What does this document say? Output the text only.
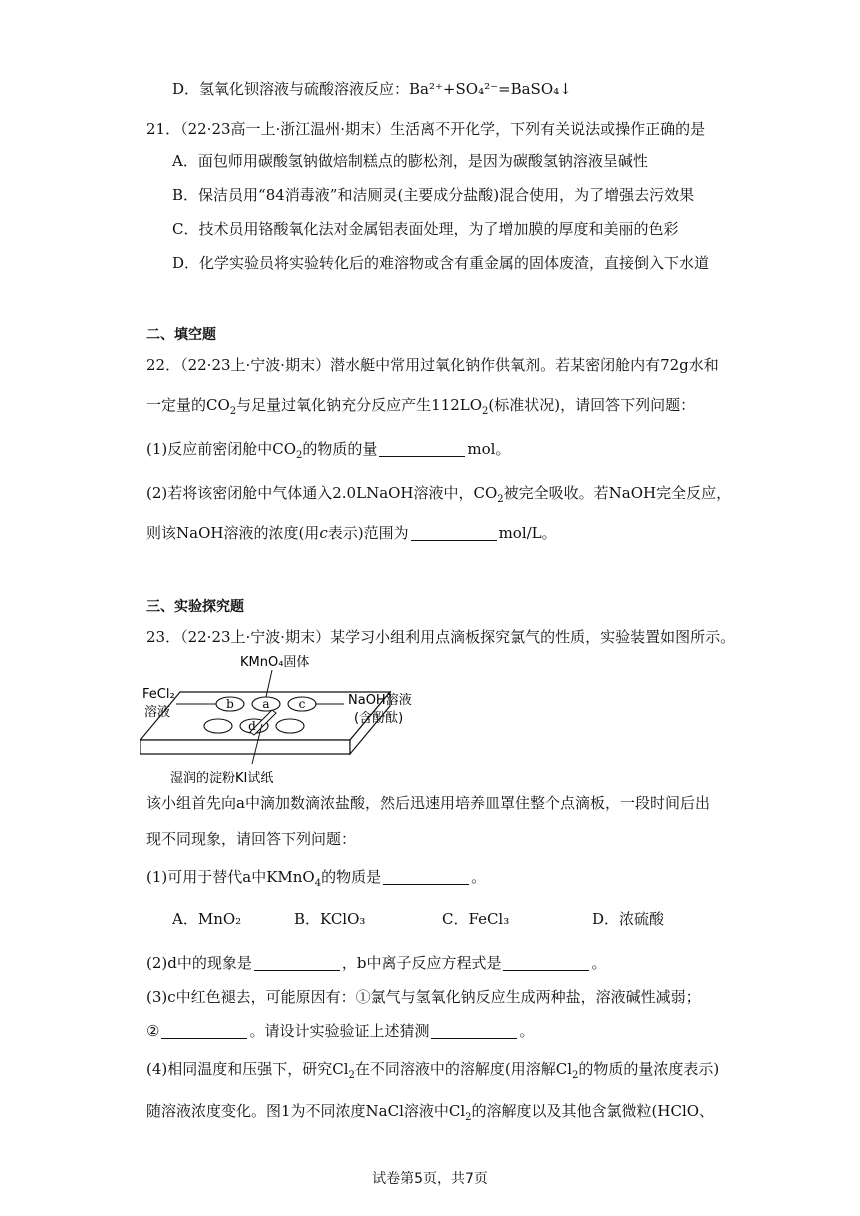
D．氢氧化钡溶液与硫酸溶液反应：Ba²⁺+SO₄²⁻=BaSO₄↓
21．（22·23高一上·浙江温州·期末）生活离不开化学，下列有关说法或操作正确的是
A．面包师用碳酸氢钠做焙制糕点的膨松剂，是因为碳酸氢钠溶液呈碱性
B．保洁员用“84消毒液”和洁厕灵(主要成分盐酸)混合使用，为了增强去污效果
C．技术员用铬酸氧化法对金属铝表面处理，为了增加膜的厚度和美丽的色彩
D．化学实验员将实验转化后的难溶物或含有重金属的固体废渣，直接倒入下水道
二、填空题
22．（22·23上·宁波·期末）潜水艇中常用过氧化钠作供氧剂。若某密闭舱内有72g水和
一定量的$CO_2$与足量过氧化钠充分反应产生$112LO_2$(标准状况)，请回答下列问题：
(1)反应前密闭舱中$CO_2$的物质的量	mol。
(2)若将该密闭舱中气体通入2.0LNaOH溶液中，$CO_2$被完全吸收。若NaOH完全反应，
则该NaOH溶液的浓度(用c表示)范围为	mol/L。
三、实验探究题
23．（22·23上·宁波·期末）某学习小组利用点滴板探究氯气的性质，实验装置如图所示。
b a c
d
KMnO₄固体
FeCl₂
溶液
NaOH溶液
(含酚酞)
湿润的淀粉KI试纸
该小组首先向a中滴加数滴浓盐酸，然后迅速用培养皿罩住整个点滴板，一段时间后出
现不同现象，请回答下列问题：
(1)可用于替代a中KMnO$_4$的物质是	。
A．MnO₂	B．KClO₃	C．FeCl₃	D．浓硫酸
(2)d中的现象是	，b中离子反应方程式是	。
(3)c中红色褪去，可能原因有：①氯气与氢氧化钠反应生成两种盐，溶液碱性减弱；
②	。请设计实验验证上述猜测	。
(4)相同温度和压强下，研究$Cl_2$在不同溶液中的溶解度(用溶解$Cl_2$的物质的量浓度表示)
随溶液浓度变化。图1为不同浓度NaCl溶液中$Cl_2$的溶解度以及其他含氯微粒(HClO、
试卷第5页，共7页
